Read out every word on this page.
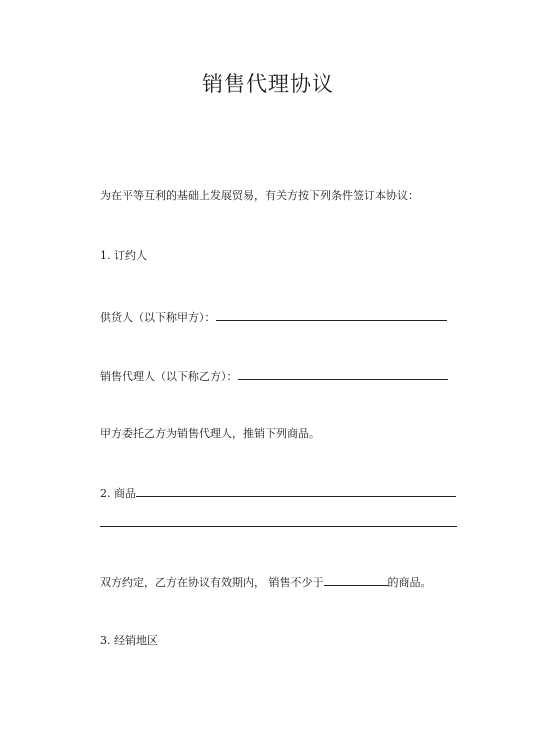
销售代理协议
为在平等互利的基础上发展贸易，有关方按下列条件签订本协议：
1. 订约人
供货人（以下称甲方）：
销售代理人（以下称乙方）：
甲方委托乙方为销售代理人，推销下列商品。
2. 商品
双方约定，乙方在协议有效期内， 销售不少于	的商品。
3. 经销地区
